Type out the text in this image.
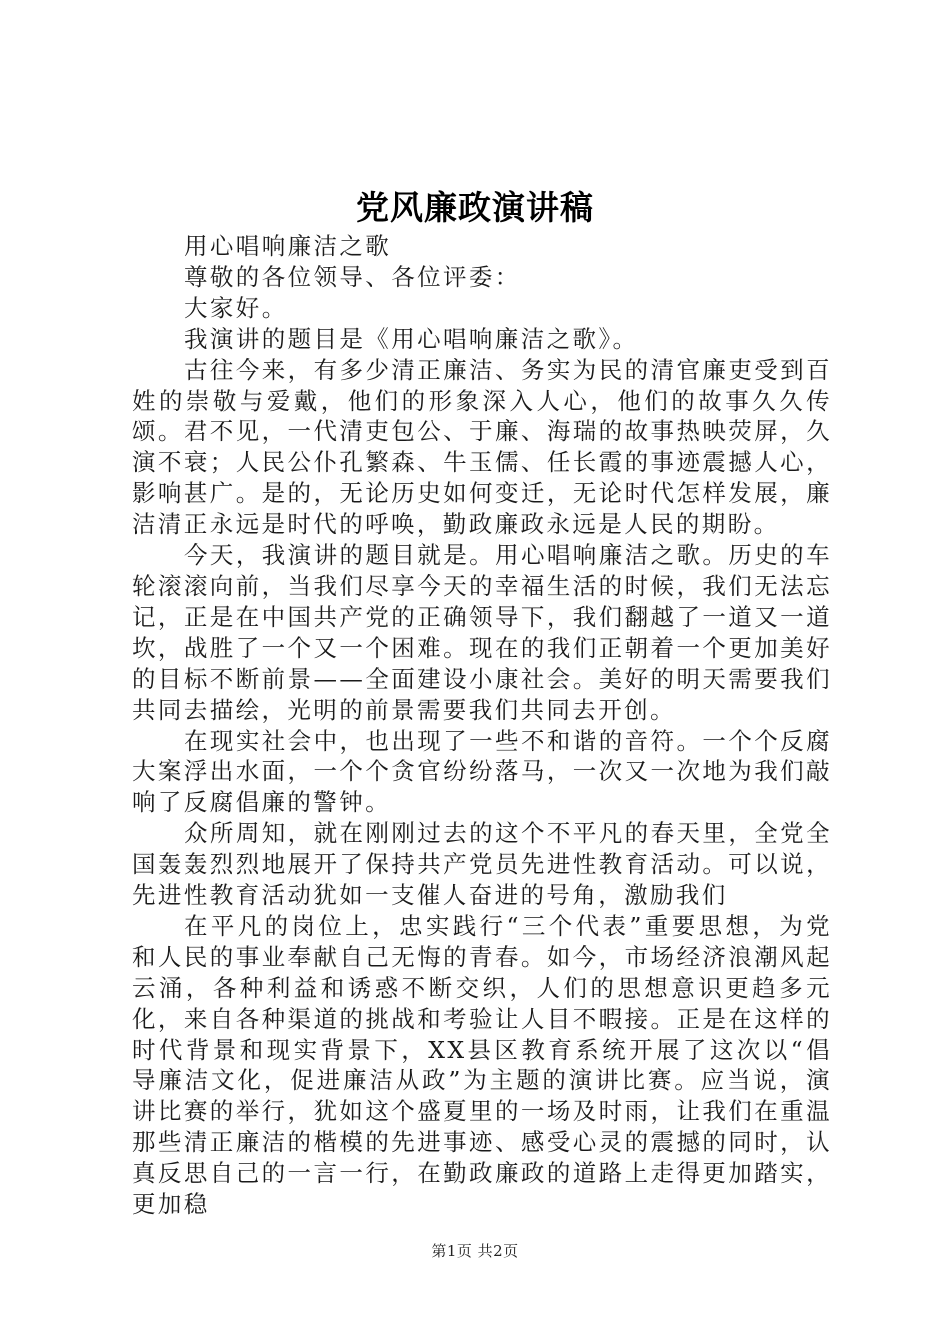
党风廉政演讲稿

用心唱响廉洁之歌

尊敬的各位领导、各位评委：

大家好。

我演讲的题目是《用心唱响廉洁之歌》。

古往今来，有多少清正廉洁、务实为民的清官廉吏受到百姓的崇敬与爱戴，他们的形象深入人心，他们的故事久久传颂。君不见，一代清吏包公、于廉、海瑞的故事热映荧屏，久演不衰；人民公仆孔繁森、牛玉儒、任长霞的事迹震撼人心，影响甚广。是的，无论历史如何变迁，无论时代怎样发展，廉洁清正永远是时代的呼唤，勤政廉政永远是人民的期盼。

今天，我演讲的题目就是。用心唱响廉洁之歌。历史的车轮滚滚向前，当我们尽享今天的幸福生活的时候，我们无法忘记，正是在中国共产党的正确领导下，我们翻越了一道又一道坎，战胜了一个又一个困难。现在的我们正朝着一个更加美好的目标不断前景——全面建设小康社会。美好的明天需要我们共同去描绘，光明的前景需要我们共同去开创。

在现实社会中，也出现了一些不和谐的音符。一个个反腐大案浮出水面，一个个贪官纷纷落马，一次又一次地为我们敲响了反腐倡廉的警钟。

众所周知，就在刚刚过去的这个不平凡的春天里，全党全国轰轰烈烈地展开了保持共产党员先进性教育活动。可以说，先进性教育活动犹如一支催人奋进的号角，激励我们

在平凡的岗位上，忠实践行“三个代表”重要思想，为党和人民的事业奉献自己无悔的青春。如今，市场经济浪潮风起云涌，各种利益和诱惑不断交织，人们的思想意识更趋多元化，来自各种渠道的挑战和考验让人目不暇接。正是在这样的时代背景和现实背景下，XX县区教育系统开展了这次以“倡导廉洁文化，促进廉洁从政”为主题的演讲比赛。应当说，演讲比赛的举行，犹如这个盛夏里的一场及时雨，让我们在重温那些清正廉洁的楷模的先进事迹、感受心灵的震撼的同时，认真反思自己的一言一行，在勤政廉政的道路上走得更加踏实，更加稳

第1页 共2页
